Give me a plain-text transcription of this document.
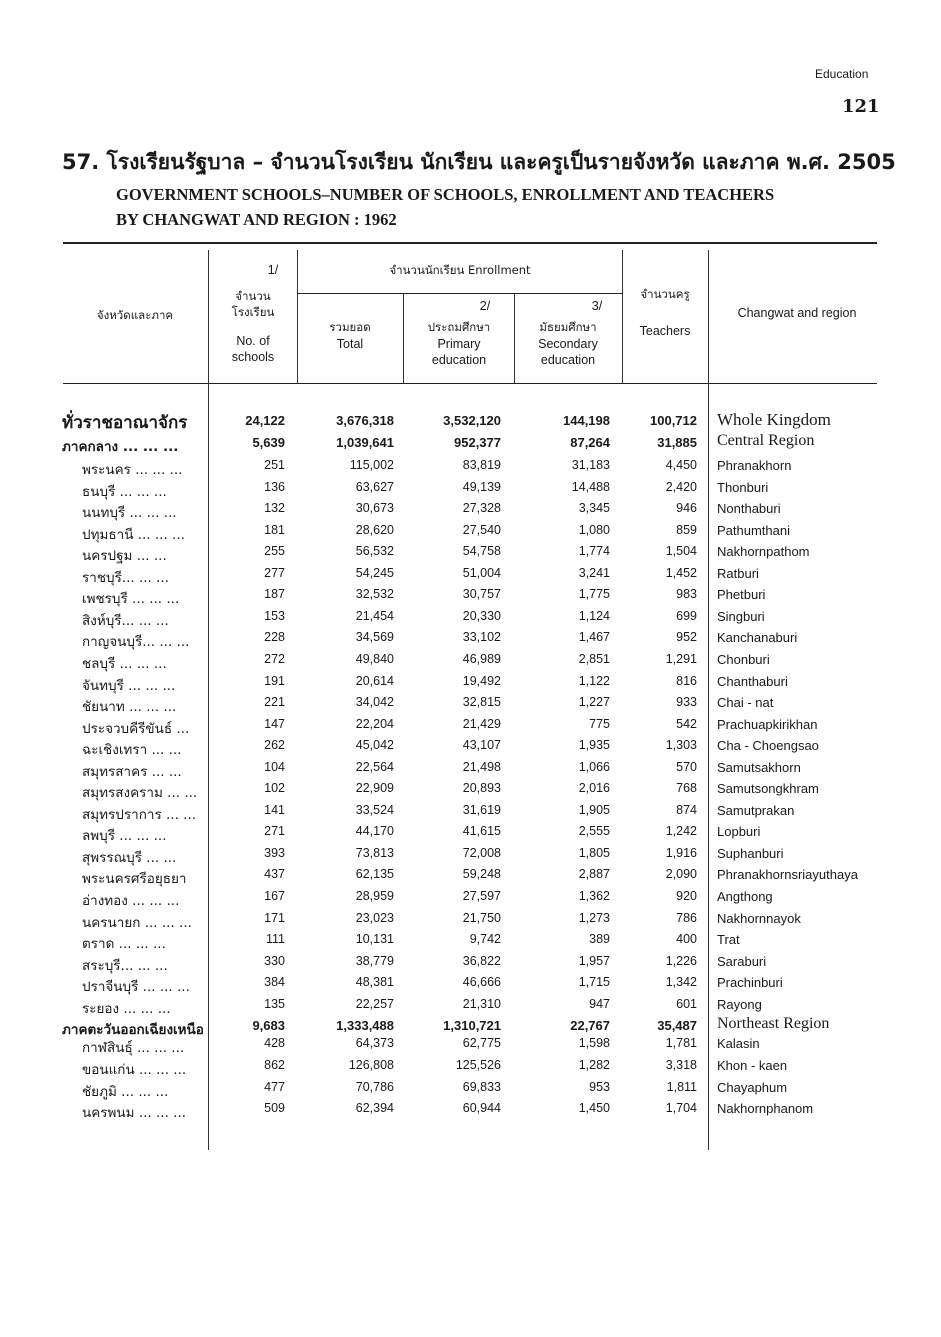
Education
121
57. โรงเรียนรัฐบาล – จำนวนโรงเรียน นักเรียน และครูเป็นรายจังหวัด และภาค พ.ศ. 2505
GOVERNMENT SCHOOLS–NUMBER OF SCHOOLS, ENROLLMENT AND TEACHERS
BY CHANGWAT AND REGION : 1962
จังหวัดและภาค
1/
จำนวน
โรงเรียน
No. of
schools
จำนวนนักเรียน Enrollment
รวมยอด
Total
2/
ประถมศึกษา
Primary
education
3/
มัธยมศึกษา
Secondary
education
จำนวนครู
Teachers
Changwat and region
ทั่วราชอาณาจักร	24,122	3,676,318	3,532,120	144,198	100,712 Whole Kingdom
ภาคกลาง ... ... ...	5,639	1,039,641	952,377	87,264	31,885 Central Region
พระนคร ... ... ...	251	115,002	83,819	31,183	4,450 Phranakhorn
ธนบุรี ... ... ...	136	63,627	49,139	14,488	2,420 Thonburi
นนทบุรี ... ... ...	132	30,673	27,328	3,345	946 Nonthaburi
ปทุมธานี ... ... ...	181	28,620	27,540	1,080	859 Pathumthani
นครปฐม ... ...	255	56,532	54,758	1,774	1,504 Nakhornpathom
ราชบุรี... ... ...	277	54,245	51,004	3,241	1,452 Ratburi
เพชรบุรี ... ... ...	187	32,532	30,757	1,775	983 Phetburi
สิงห์บุรี... ... ...	153	21,454	20,330	1,124	699 Singburi
กาญจนบุรี... ... ...	228	34,569	33,102	1,467	952 Kanchanaburi
ชลบุรี ... ... ...	272	49,840	46,989	2,851	1,291 Chonburi
จันทบุรี ... ... ...	191	20,614	19,492	1,122	816 Chanthaburi
ชัยนาท ... ... ...	221	34,042	32,815	1,227	933 Chai - nat
ประจวบคีรีขันธ์ ...	147	22,204	21,429	775	542 Prachuapkirikhan
ฉะเชิงเทรา ... ...	262	45,042	43,107	1,935	1,303 Cha - Choengsao
สมุทรสาคร ... ...	104	22,564	21,498	1,066	570 Samutsakhorn
สมุทรสงคราม ... ...	102	22,909	20,893	2,016	768 Samutsongkhram
สมุทรปราการ ... ...	141	33,524	31,619	1,905	874 Samutprakan
ลพบุรี ... ... ...	271	44,170	41,615	2,555	1,242 Lopburi
สุพรรณบุรี ... ...	393	73,813	72,008	1,805	1,916 Suphanburi
พระนครศรีอยุธยา	437	62,135	59,248	2,887	2,090 Phranakhornsriayuthaya
อ่างทอง ... ... ...	167	28,959	27,597	1,362	920 Angthong
นครนายก ... ... ...	171	23,023	21,750	1,273	786 Nakhornnayok
ตราด ... ... ...	111	10,131	9,742	389	400 Trat
สระบุรี... ... ...	330	38,779	36,822	1,957	1,226 Saraburi
ปราจีนบุรี ... ... ...	384	48,381	46,666	1,715	1,342 Prachinburi
ระยอง ... ... ...	135	22,257	21,310	947	601 Rayong
ภาคตะวันออกเฉียงเหนือ	9,683	1,333,488	1,310,721	22,767	35,487 Northeast Region
กาฬสินธุ์ ... ... ...	428	64,373	62,775	1,598	1,781 Kalasin
ขอนแก่น ... ... ...	862	126,808	125,526	1,282	3,318 Khon - kaen
ชัยภูมิ ... ... ...	477	70,786	69,833	953	1,811 Chayaphum
นครพนม ... ... ...	509	62,394	60,944	1,450	1,704 Nakhornphanom
